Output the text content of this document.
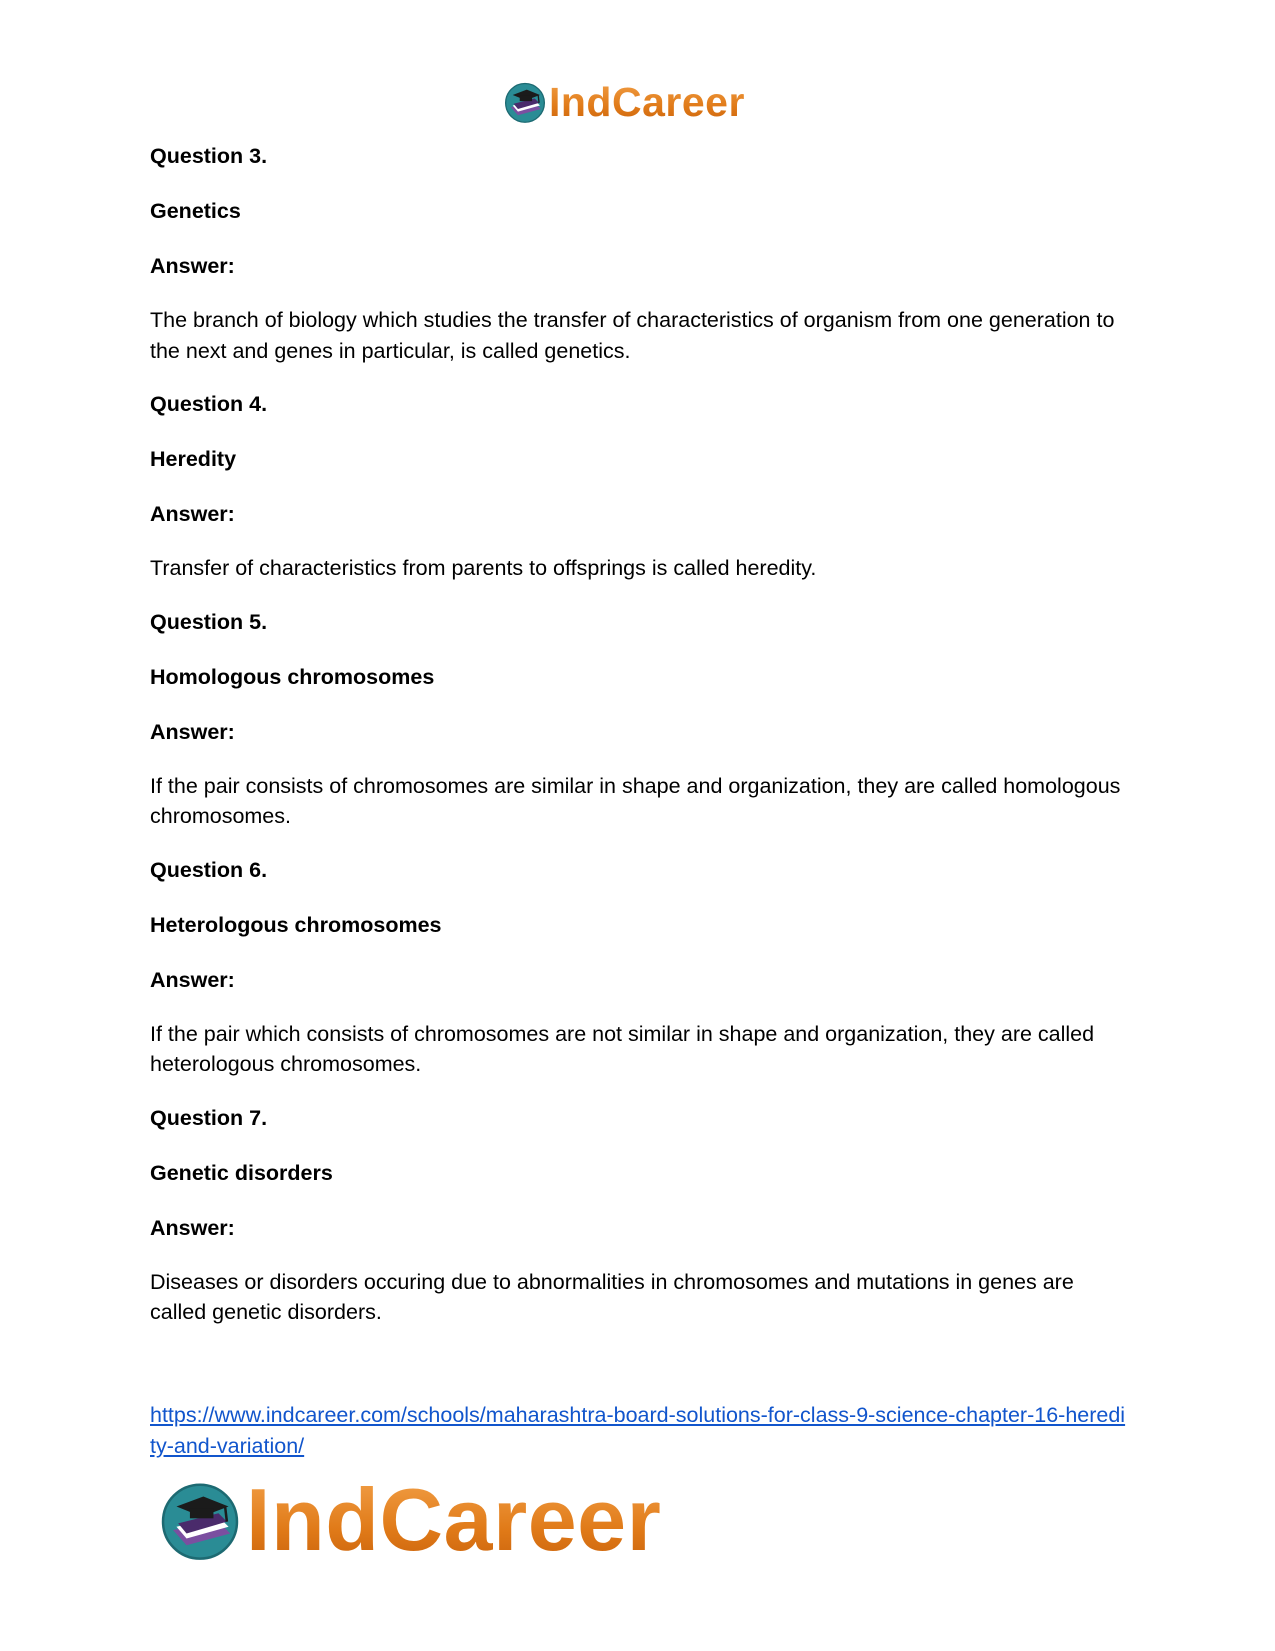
IndCareer

Question 3.

Genetics

Answer:

The branch of biology which studies the transfer of characteristics of organism from one generation to the next and genes in particular, is called genetics.

Question 4.

Heredity

Answer:

Transfer of characteristics from parents to offsprings is called heredity.

Question 5.

Homologous chromosomes

Answer:

If the pair consists of chromosomes are similar in shape and organization, they are called homologous chromosomes.

Question 6.

Heterologous chromosomes

Answer:

If the pair which consists of chromosomes are not similar in shape and organization, they are called heterologous chromosomes.

Question 7.

Genetic disorders

Answer:

Diseases or disorders occuring due to abnormalities in chromosomes and mutations in genes are called genetic disorders.

https://www.indcareer.com/schools/maharashtra-board-solutions-for-class-9-science-chapter-16-heredity-and-variation/
IndCareer
